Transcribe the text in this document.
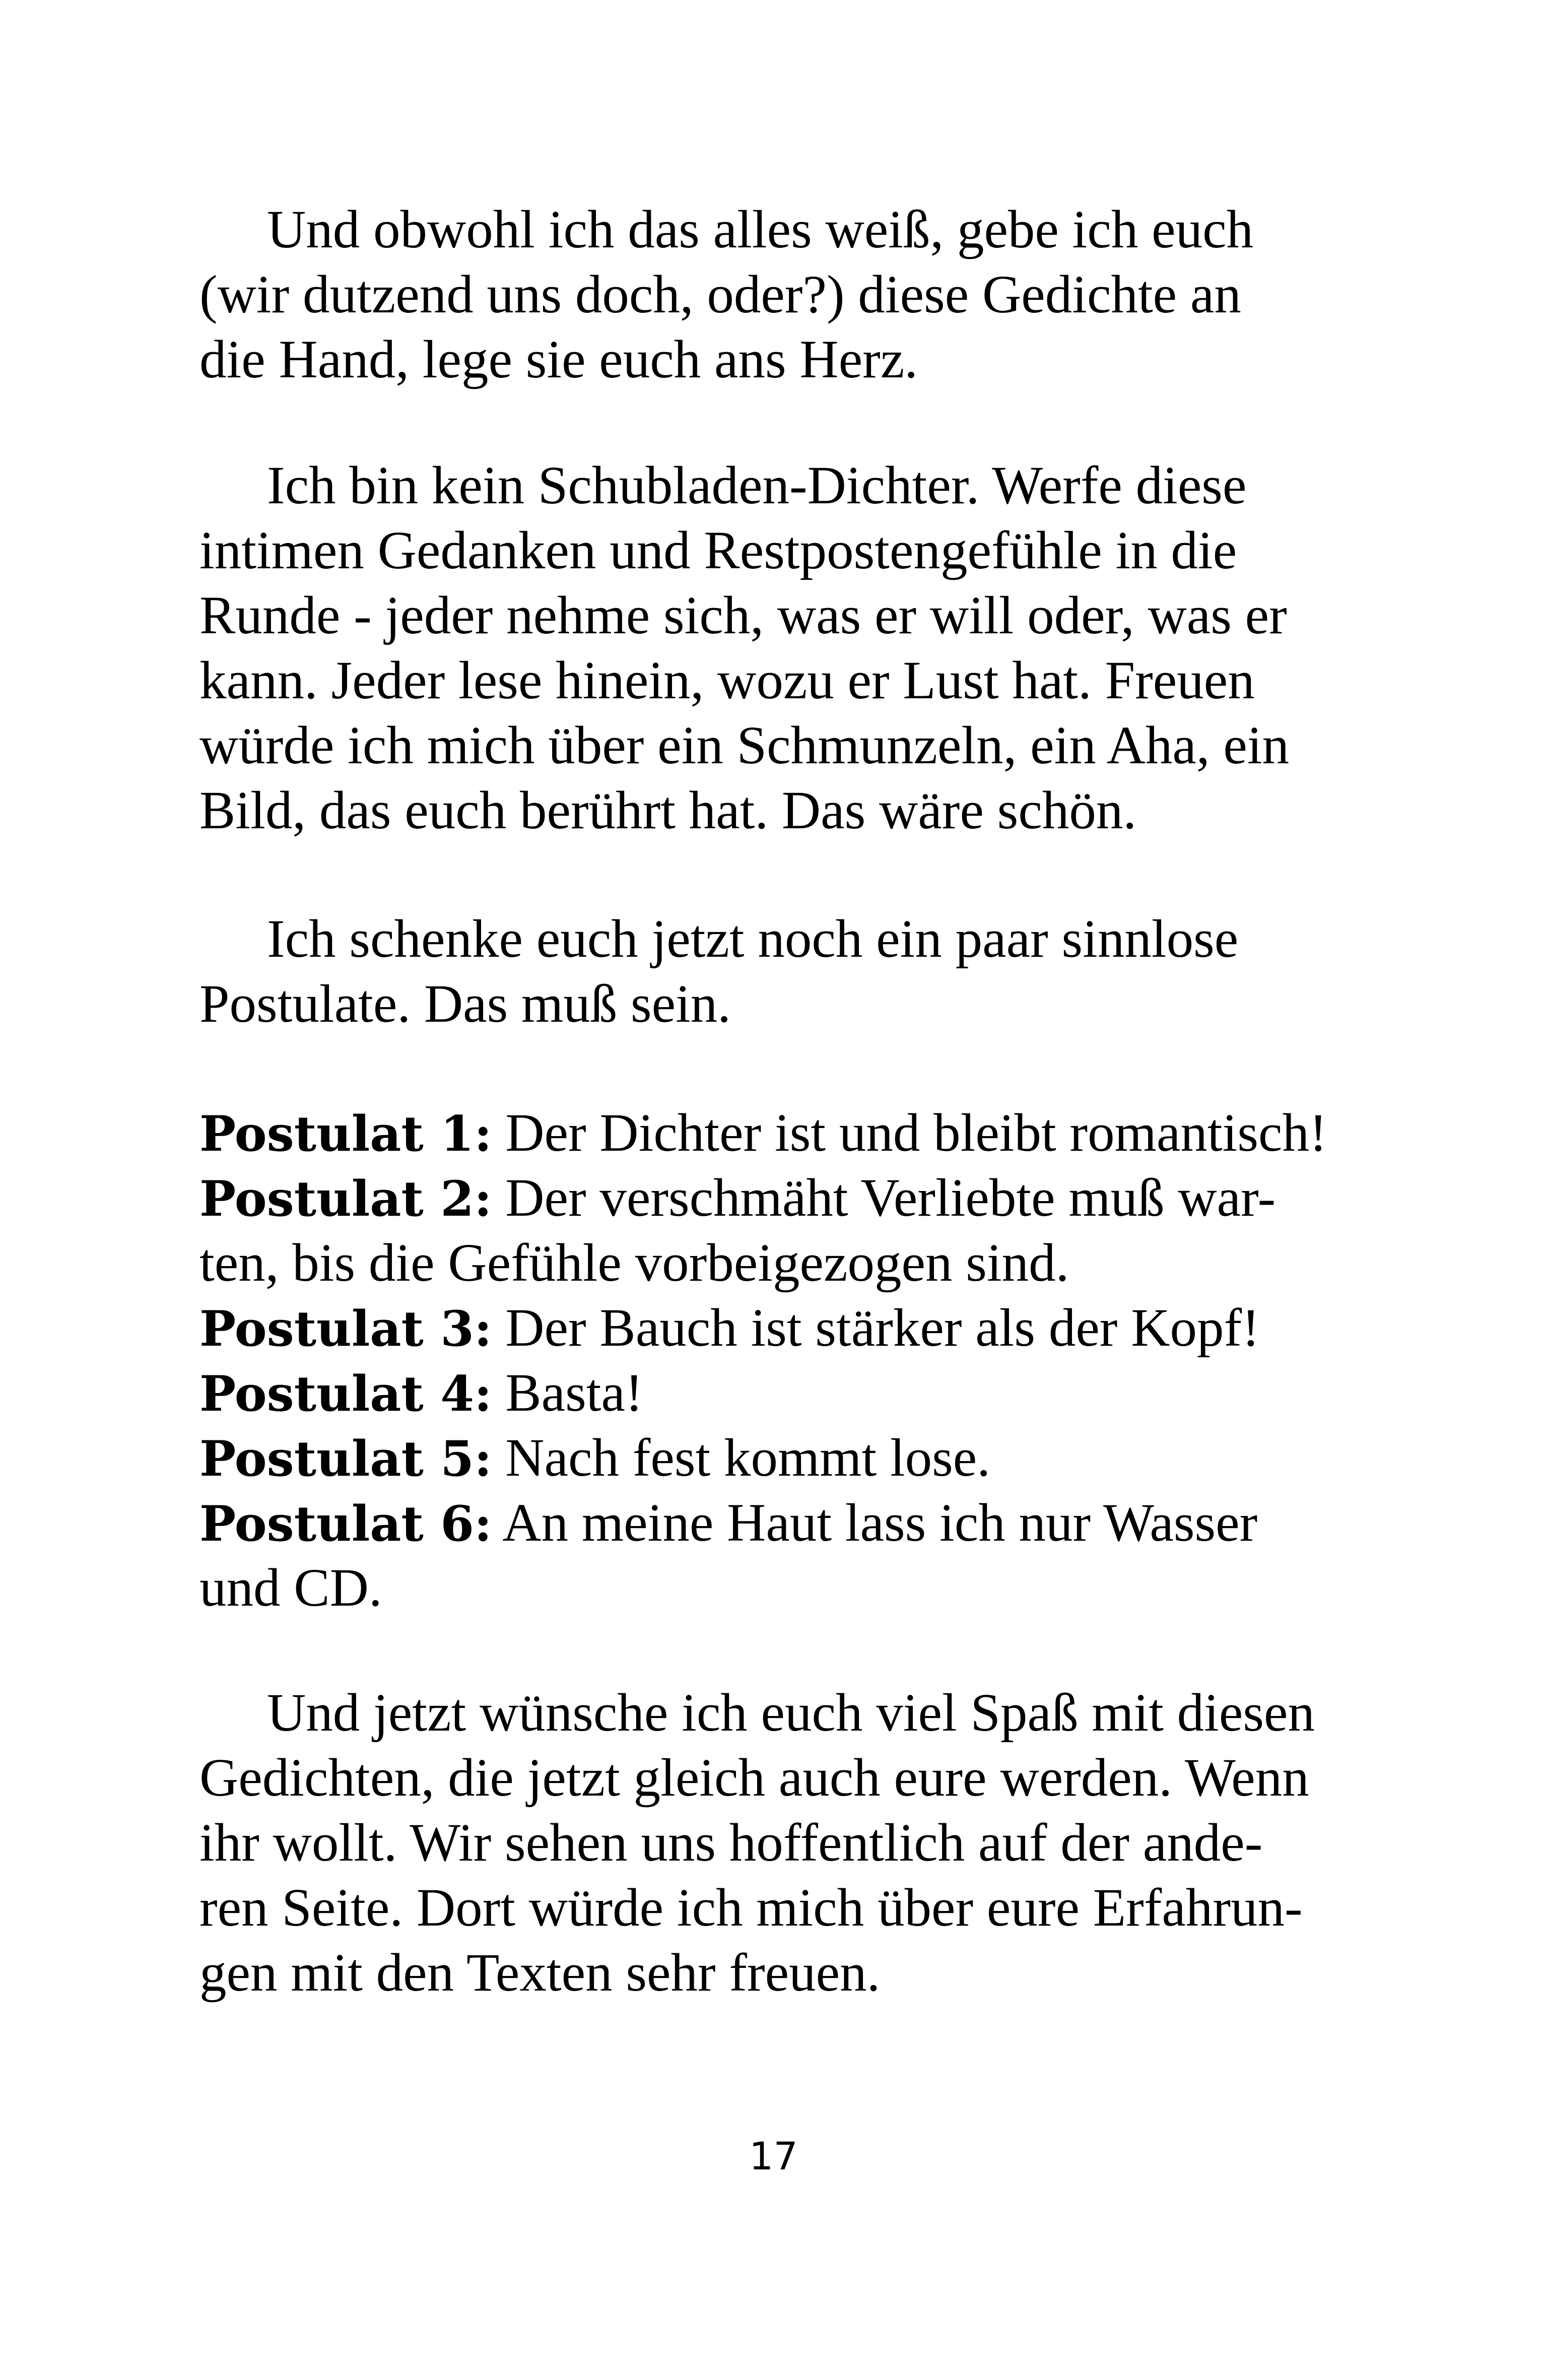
Und obwohl ich das alles weiß, gebe ich euch
(wir dutzend uns doch, oder?) diese Gedichte an
die Hand, lege sie euch ans Herz.
Ich bin kein Schubladen-Dichter. Werfe diese
intimen Gedanken und Restpostengefühle in die
Runde - jeder nehme sich, was er will oder, was er
kann. Jeder lese hinein, wozu er Lust hat. Freuen
würde ich mich über ein Schmunzeln, ein Aha, ein
Bild, das euch berührt hat. Das wäre schön.
Ich schenke euch jetzt noch ein paar sinnlose
Postulate. Das muß sein.
Postulat 1: Der Dichter ist und bleibt romantisch!
Postulat 2: Der verschmäht Verliebte muß war-
ten, bis die Gefühle vorbeigezogen sind.
Postulat 3: Der Bauch ist stärker als der Kopf!
Postulat 4: Basta!
Postulat 5: Nach fest kommt lose.
Postulat 6: An meine Haut lass ich nur Wasser
und CD.
Und jetzt wünsche ich euch viel Spaß mit diesen
Gedichten, die jetzt gleich auch eure werden. Wenn
ihr wollt. Wir sehen uns hoffentlich auf der ande-
ren Seite. Dort würde ich mich über eure Erfahrun-
gen mit den Texten sehr freuen.
17
